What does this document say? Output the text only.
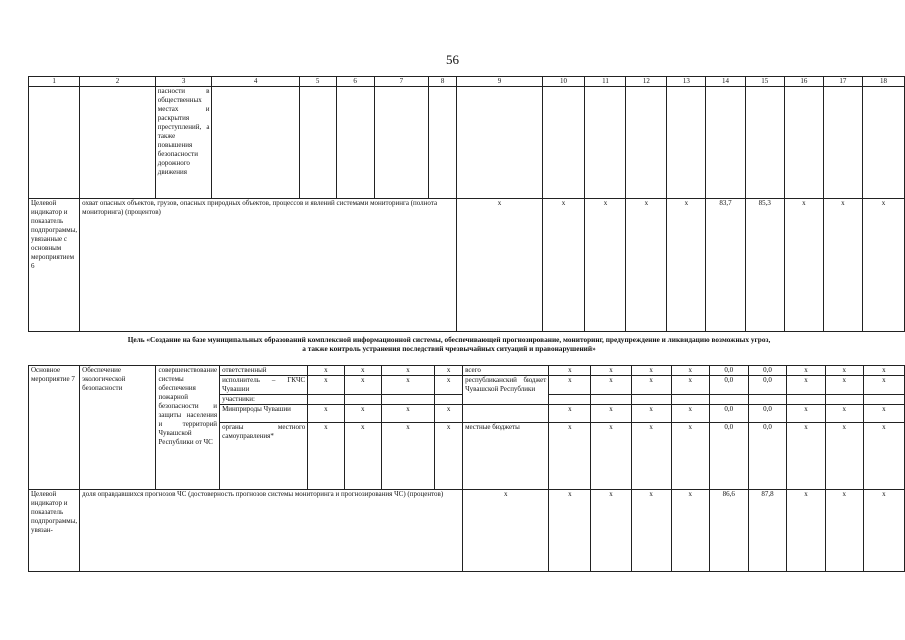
56
1	2	3	4	5	6	7	8	9	10	11	12	13	14	15	16	17	18
		пасности в общественных местах и раскрытия преступлений, а также повышения безопасности дорожного движения															
Целевой индикатор и показатель подпрограммы, увязанные с основным мероприятием 6	охват опасных объектов, грузов, опасных природных объектов, процессов и явлений системами мониторинга (полнота мониторинга) (процентов)							x	x	x	x	x	83,7	85,3	x	x	x
Цель «Создание на базе муниципальных образований комплексной информационной системы, обеспечивающей прогнозирование, мониторинг, предупреждение и ликвидацию возможных угроз,
а также контроль устранения последствий чрезвычайных ситуаций и правонарушений»
Основное мероприятие 7	Обеспечение экологической безопасности	совершенствование системы обеспечения пожарной безопасности и защиты населения и территорий Чувашской Республики от ЧС	ответственный	x	x	x	x	всего	x	x	x	x	0,0	0,0	x	x	x
			исполнитель – ГКЧС Чувашии	x	x	x	x	республиканский бюджет Чувашской Республики	x	x	x	x	0,0	0,0	x	x	x
			участники:														
			Минприроды Чувашии	x	x	x	x		x	x	x	x	0,0	0,0	x	x	x
			органы местного самоуправления*	x	x	x	x	местные бюджеты	x	x	x	x	0,0	0,0	x	x	x
Целевой индикатор и показатель подпрограммы, увязан-	доля оправдавшихся прогнозов ЧС (достоверность прогнозов системы мониторинга и прогнозирования ЧС) (процентов)							x	x	x	x	x	86,6	87,8	x	x	x
